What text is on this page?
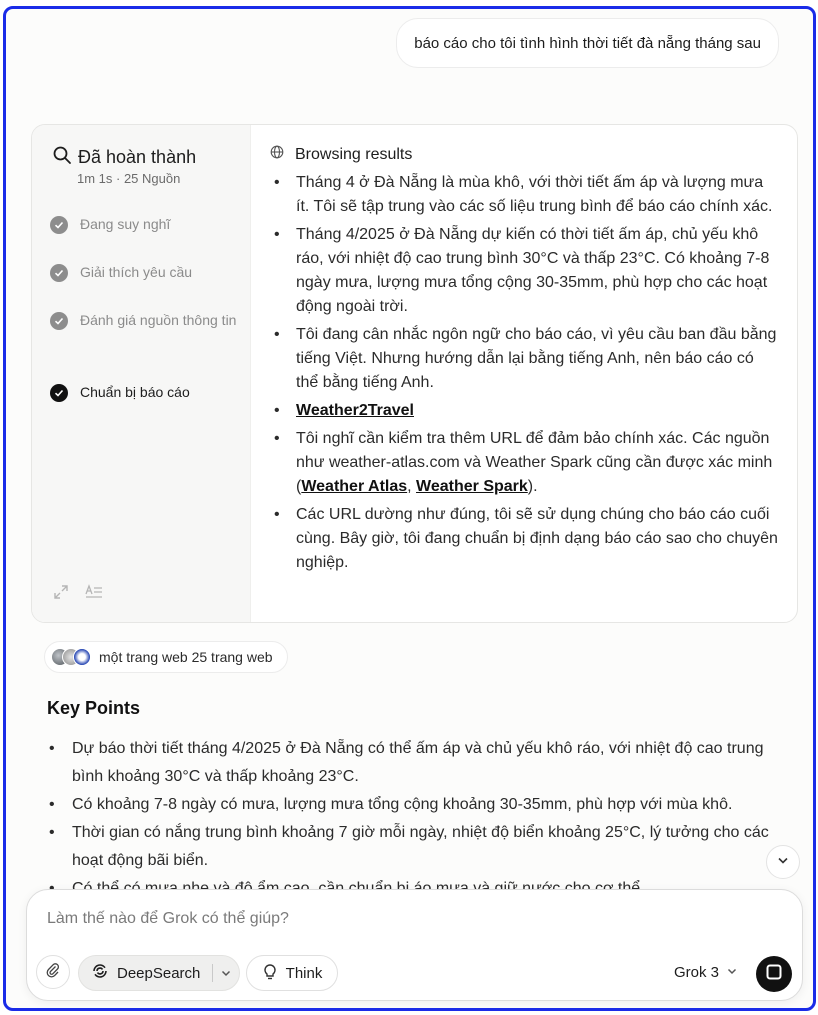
báo cáo cho tôi tình hình thời tiết đà nẵng tháng sau
Đã hoàn thành
1m 1s · 25 Nguồn
Đang suy nghĩ
Giải thích yêu cầu
Đánh giá nguồn thông tin
Chuẩn bị báo cáo
Browsing results
• Tháng 4 ở Đà Nẵng là mùa khô, với thời tiết ấm áp và lượng mưa ít. Tôi sẽ tập trung vào các số liệu trung bình để báo cáo chính xác.
• Tháng 4/2025 ở Đà Nẵng dự kiến có thời tiết ấm áp, chủ yếu khô ráo, với nhiệt độ cao trung bình 30°C và thấp 23°C. Có khoảng 7-8 ngày mưa, lượng mưa tổng cộng 30-35mm, phù hợp cho các hoạt động ngoài trời.
• Tôi đang cân nhắc ngôn ngữ cho báo cáo, vì yêu cầu ban đầu bằng tiếng Việt. Nhưng hướng dẫn lại bằng tiếng Anh, nên báo cáo có thể bằng tiếng Anh.
• Weather2Travel
• Tôi nghĩ cần kiểm tra thêm URL để đảm bảo chính xác. Các nguồn như weather-atlas.com và Weather Spark cũng cần được xác minh (Weather Atlas, Weather Spark).
• Các URL dường như đúng, tôi sẽ sử dụng chúng cho báo cáo cuối cùng. Bây giờ, tôi đang chuẩn bị định dạng báo cáo sao cho chuyên nghiệp.
một trang web 25 trang web
Key Points
• Dự báo thời tiết tháng 4/2025 ở Đà Nẵng có thể ấm áp và chủ yếu khô ráo, với nhiệt độ cao trung bình khoảng 30°C và thấp khoảng 23°C.
• Có khoảng 7-8 ngày có mưa, lượng mưa tổng cộng khoảng 30-35mm, phù hợp với mùa khô.
• Thời gian có nắng trung bình khoảng 7 giờ mỗi ngày, nhiệt độ biển khoảng 25°C, lý tưởng cho các hoạt động bãi biển.
•
Làm thế nào để Grok có thể giúp?
DeepSearch	Think	Grok 3
